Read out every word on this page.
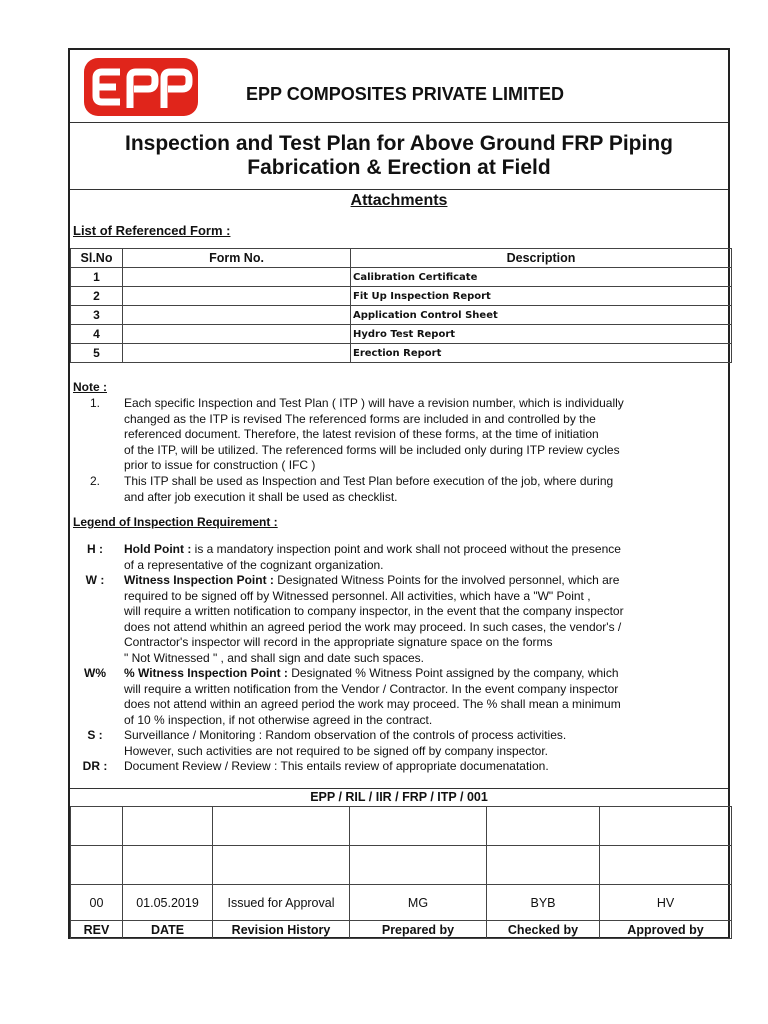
EPP COMPOSITES PRIVATE LIMITED
Inspection and Test Plan for Above Ground FRP Piping
Fabrication & Erection at Field
Attachments
List of Referenced Form :
Sl.No	Form No.	Description
1		Calibration Certificate
2		Fit Up Inspection Report
3		Application Control Sheet
4		Hydro Test Report
5		Erection Report
Note :
1.	Each specific Inspection and Test Plan ( ITP ) will have a revision number, which is individually
changed as the ITP is revised The referenced forms are included in and controlled by the
referenced document. Therefore, the latest revision of these forms, at the time of initiation
of the ITP, will be utilized. The referenced forms will be included only during ITP review cycles
prior to issue for construction ( IFC )
2.	This ITP shall be used as Inspection and Test Plan before execution of the job, where during
and after job execution it shall be used as checklist.
Legend of Inspection Requirement :
H :	Hold Point : is a mandatory inspection point and work shall not proceed without the presence
of a representative of the cognizant organization.
W :	Witness Inspection Point : Designated Witness Points for the involved personnel, which are
required to be signed off by Witnessed personnel. All activities, which have a "W" Point ,
will require a written notification to company inspector, in the event that the company inspector
does not attend whithin an agreed period the work may proceed. In such cases, the vendor's /
Contractor's inspector will record in the appropriate signature space on the forms
" Not Witnessed " , and shall sign and date such spaces.
W%	% Witness Inspection Point : Designated % Witness Point assigned by the company, which
will require a written notification from the Vendor / Contractor. In the event company inspector
does not attend within an agreed period the work may proceed. The % shall mean a minimum
of 10 % inspection, if not otherwise agreed in the contract.
S :	Surveillance / Monitoring : Random observation of the controls of process activities.
However, such activities are not required to be signed off by company inspector.
DR :	Document Review / Review : This entails review of appropriate documenatation.
EPP / RIL / IIR / FRP / ITP / 001

00	01.05.2019	Issued for Approval	MG	BYB	HV
REV	DATE	Revision History	Prepared by	Checked by	Approved by
